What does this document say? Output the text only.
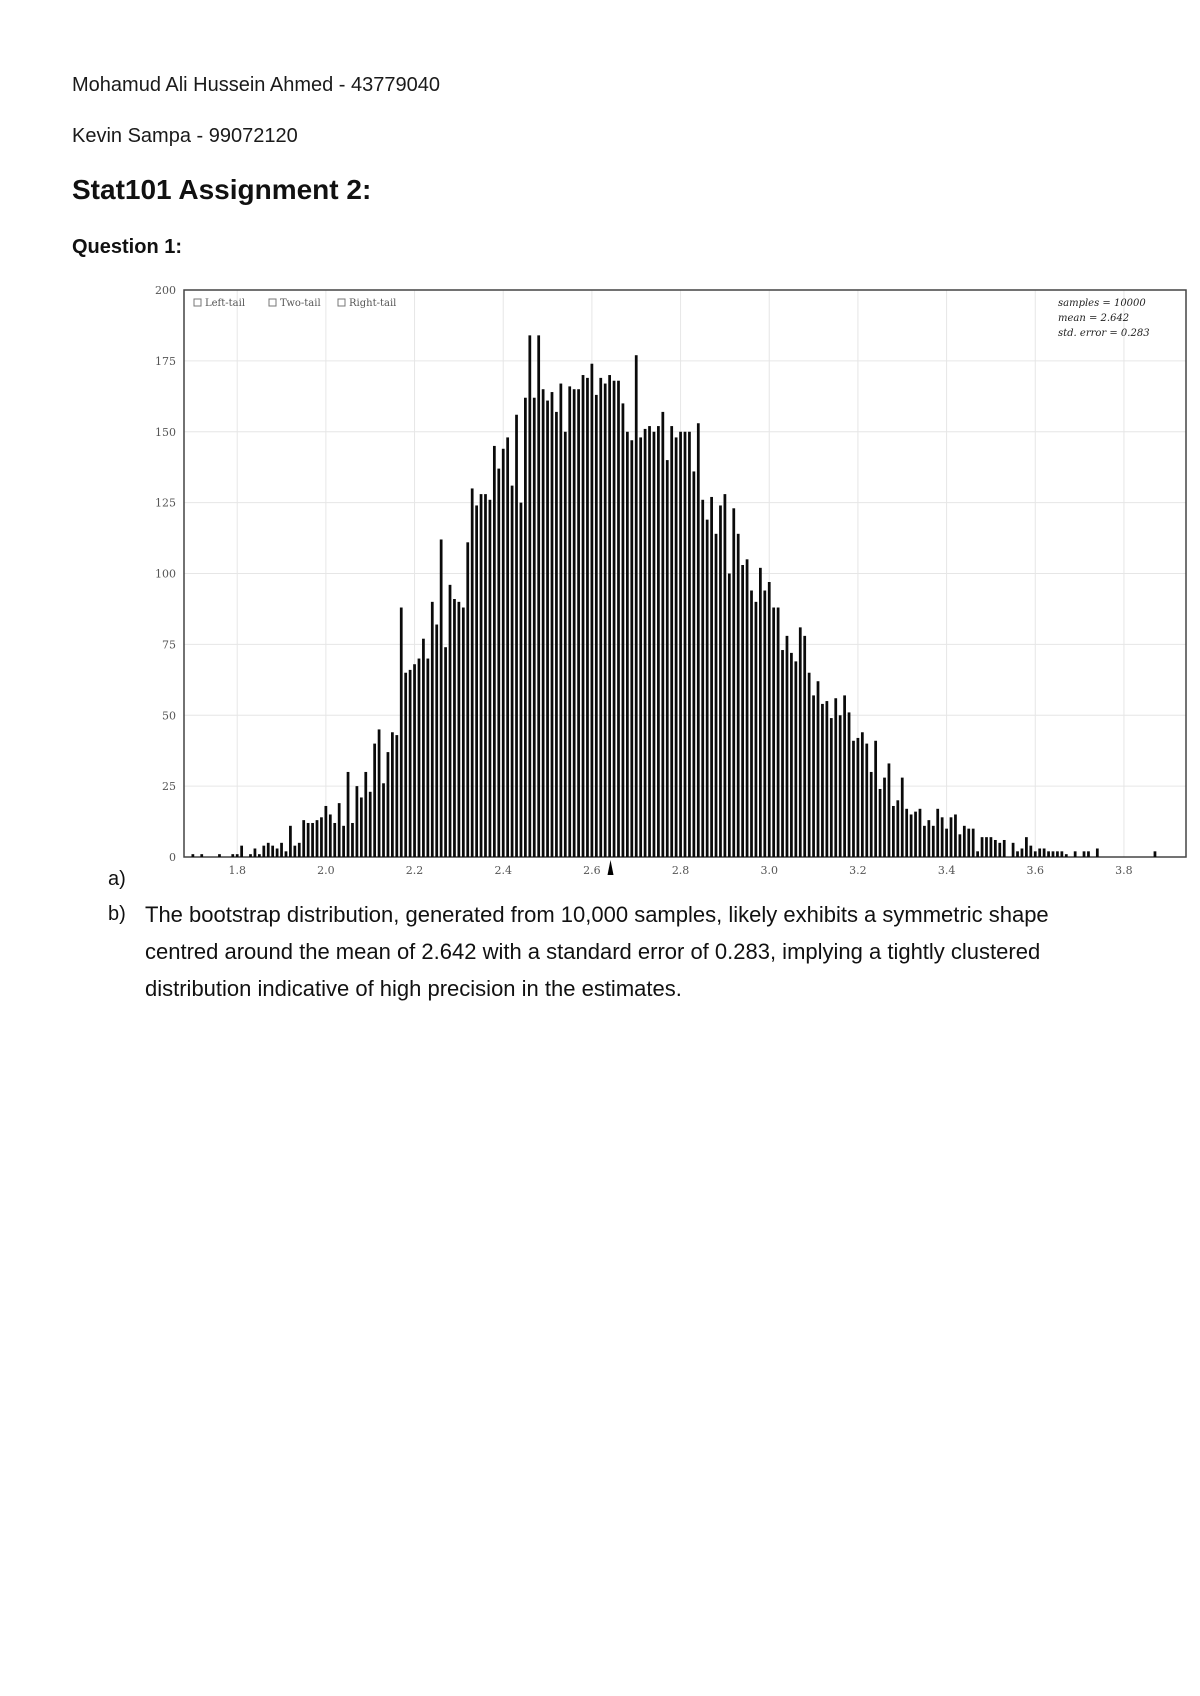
Mohamud Ali Hussein Ahmed - 43779040
Kevin Sampa - 99072120
Stat101 Assignment 2:
Question 1:
0
25
50
75
100
125
150
175
200
1.8	2.0	2.2	2.4	2.6	2.8	3.0	3.2	3.4	3.6	3.8
Left-tail	Two-tail	Right-tail	samples = 10000
mean = 2.642
std. error = 0.283
a)
b) The bootstrap distribution, generated from 10,000 samples, likely exhibits a symmetric shape centred around the mean of 2.642 with a standard error of 0.283, implying a tightly clustered distribution indicative of high precision in the estimates.
